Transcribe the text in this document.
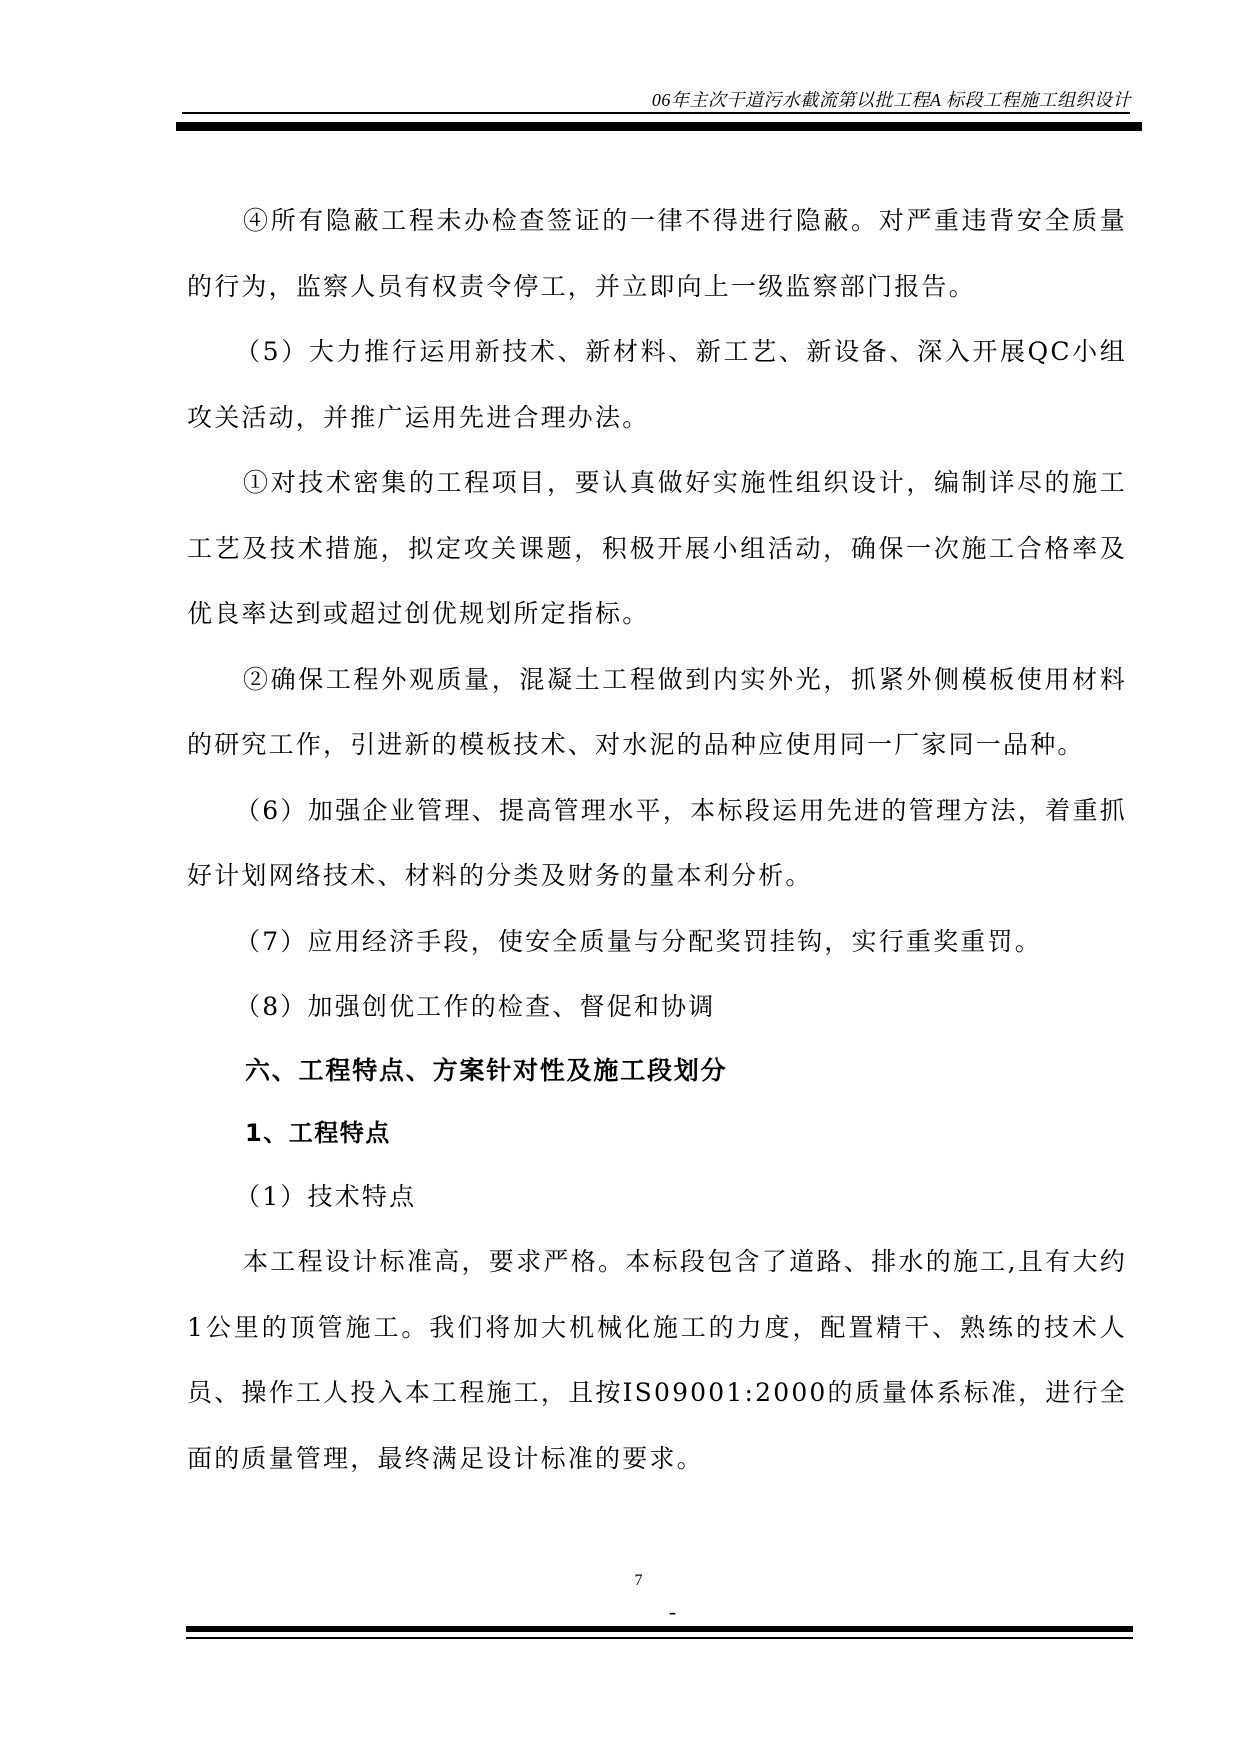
06年主次干道污水截流第以批工程A 标段工程施工组织设计

④所有隐蔽工程未办检查签证的一律不得进行隐蔽。对严重违背安全质量的行为，监察人员有权责令停工，并立即向上一级监察部门报告。

（5）大力推行运用新技术、新材料、新工艺、新设备、深入开展QC小组攻关活动，并推广运用先进合理办法。

①对技术密集的工程项目，要认真做好实施性组织设计，编制详尽的施工工艺及技术措施，拟定攻关课题，积极开展小组活动，确保一次施工合格率及优良率达到或超过创优规划所定指标。

②确保工程外观质量，混凝土工程做到内实外光，抓紧外侧模板使用材料的研究工作，引进新的模板技术、对水泥的品种应使用同一厂家同一品种。

（6）加强企业管理、提高管理水平，本标段运用先进的管理方法，着重抓好计划网络技术、材料的分类及财务的量本利分析。

（7）应用经济手段，使安全质量与分配奖罚挂钩，实行重奖重罚。

（8）加强创优工作的检查、督促和协调

六、工程特点、方案针对性及施工段划分
1、工程特点

（1）技术特点

本工程设计标准高，要求严格。本标段包含了道路、排水的施工,且有大约1公里的顶管施工。我们将加大机械化施工的力度，配置精干、熟练的技术人员、操作工人投入本工程施工，且按IS09001:2000的质量体系标准，进行全面的质量管理，最终满足设计标准的要求。

7
-
